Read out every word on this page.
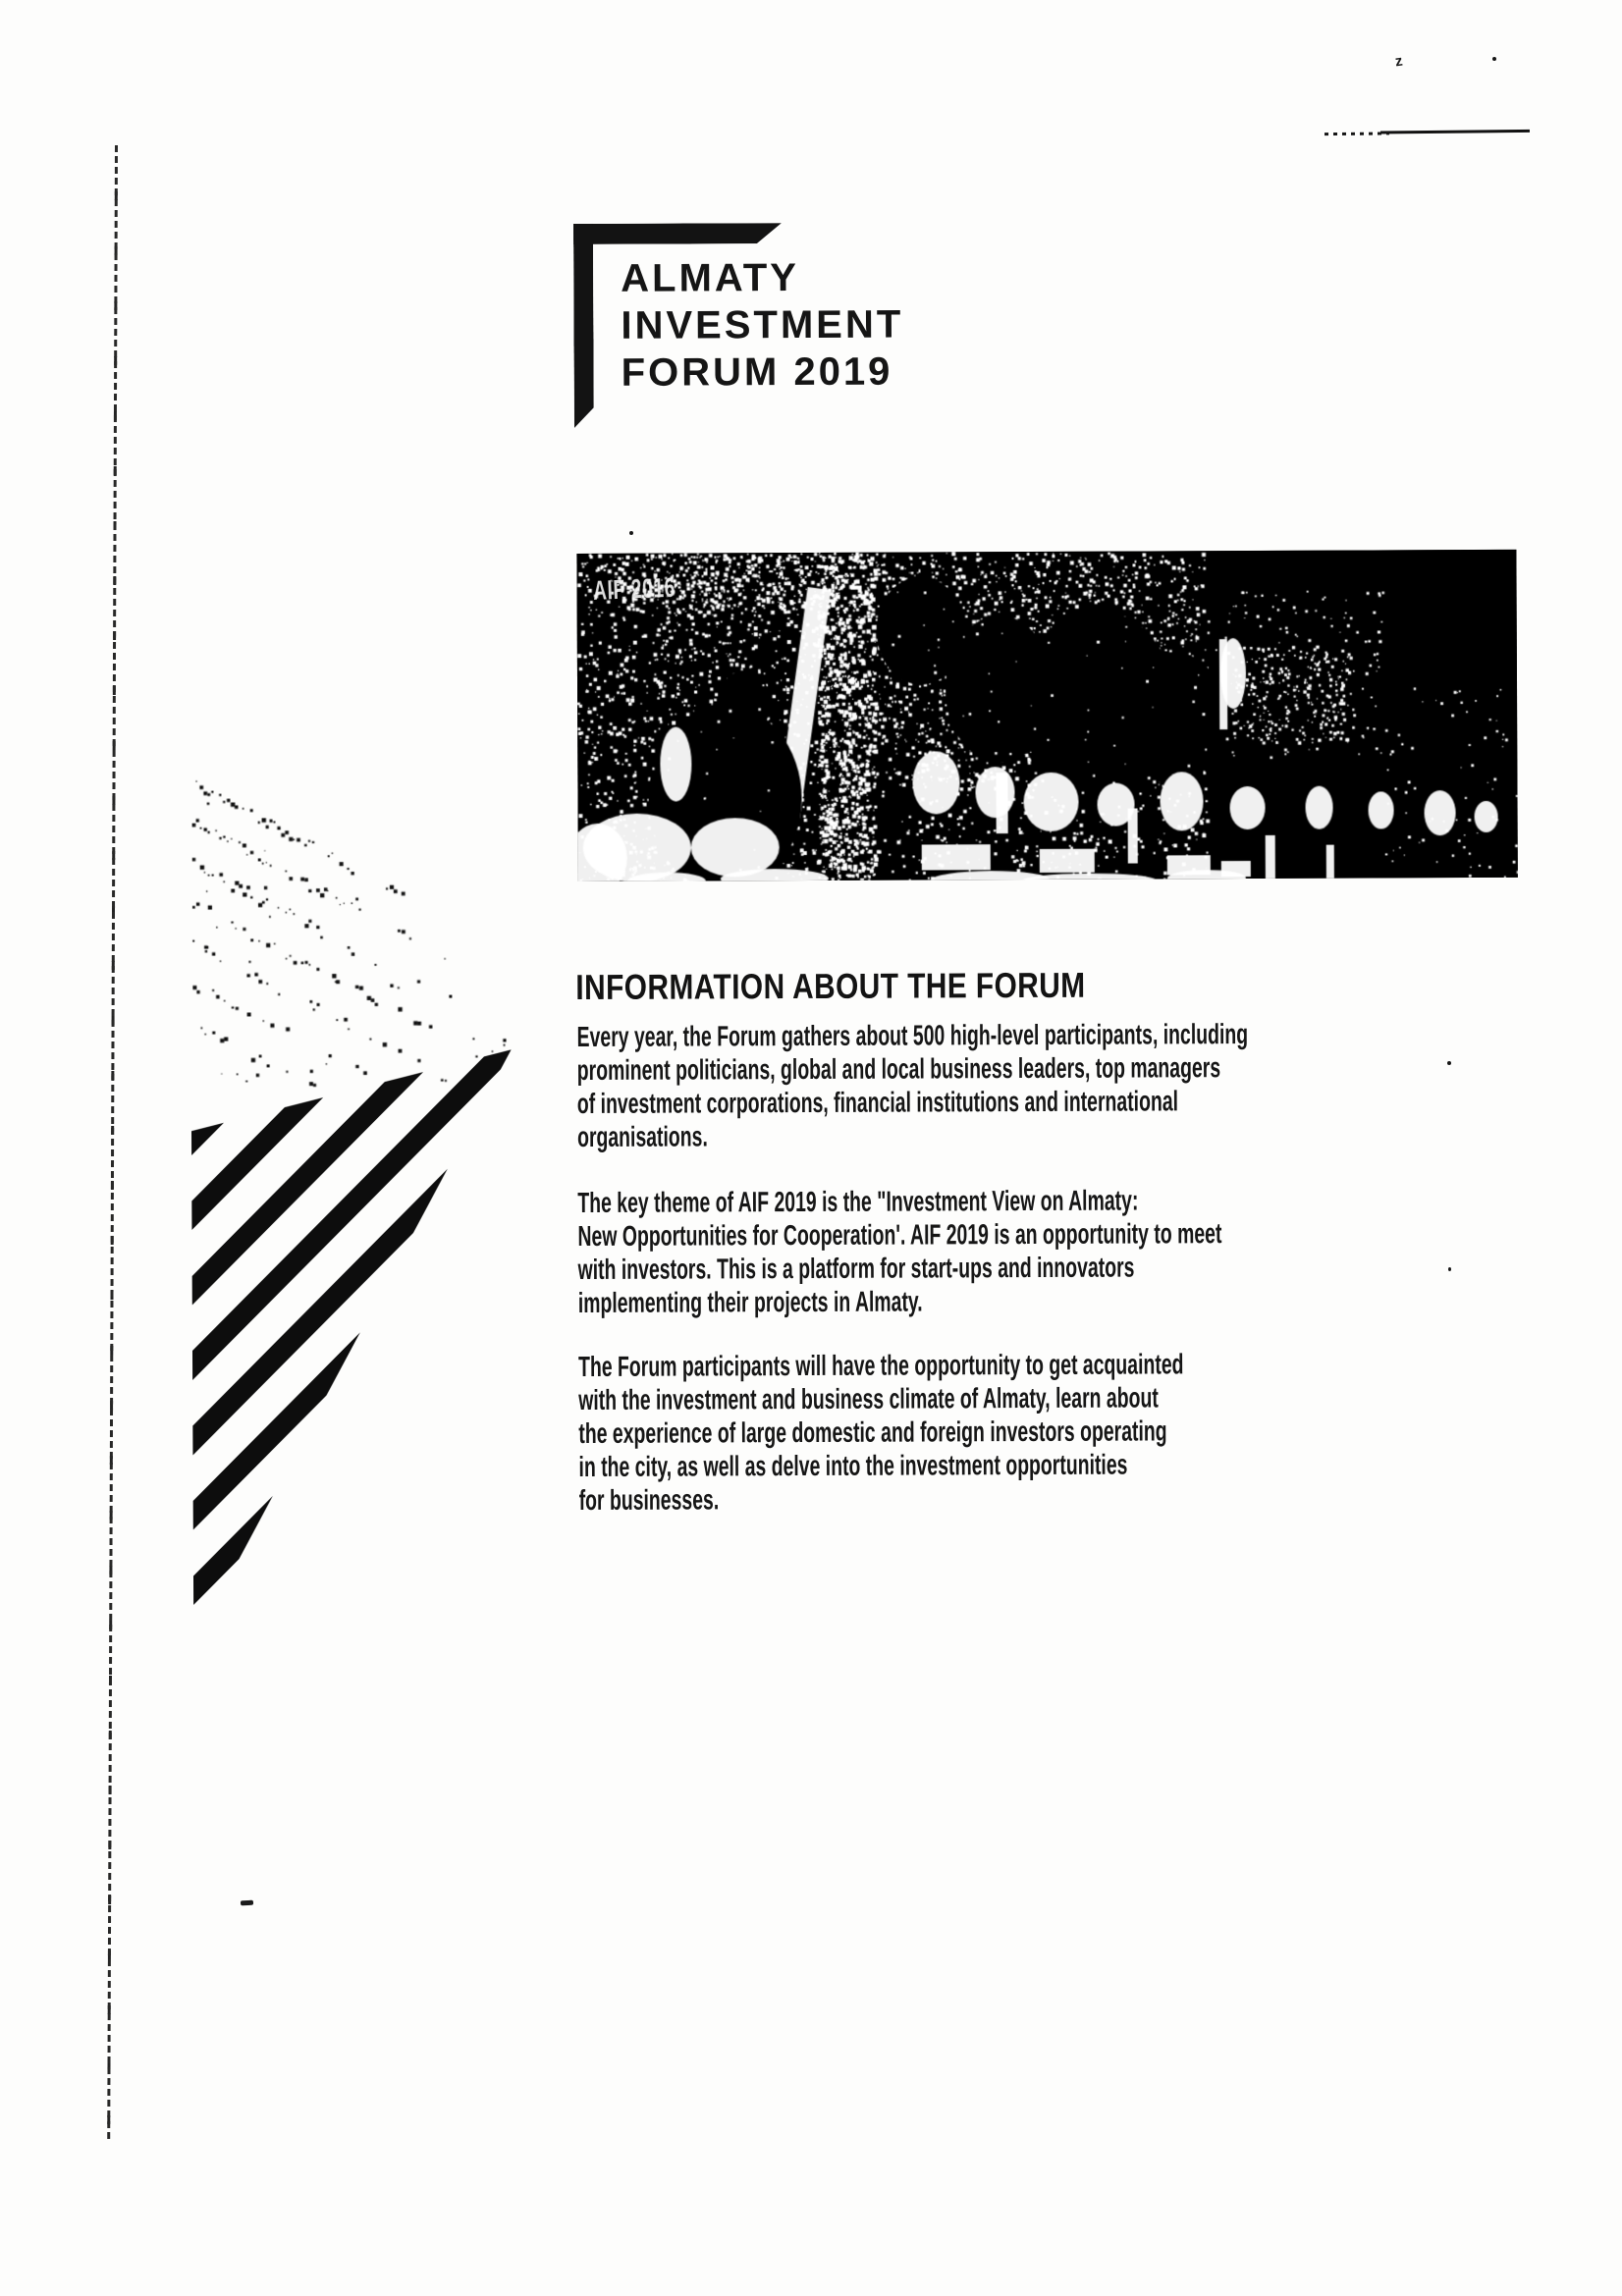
z
ALMATY
INVESTMENT
FORUM 2019
AIF 2016
INFORMATION ABOUT THE FORUM

Every year, the Forum gathers about 500 high-level participants, including
prominent politicians, global and local business leaders, top managers
of investment corporations, financial institutions and international
organisations.

The key theme of AIF 2019 is the "Investment View on Almaty:
New Opportunities for Cooperation'. AIF 2019 is an opportunity to meet
with investors. This is a platform for start-ups and innovators
implementing their projects in Almaty.

The Forum participants will have the opportunity to get acquainted
with the investment and business climate of Almaty, learn about
the experience of large domestic and foreign investors operating
in the city, as well as delve into the investment opportunities
for businesses.
